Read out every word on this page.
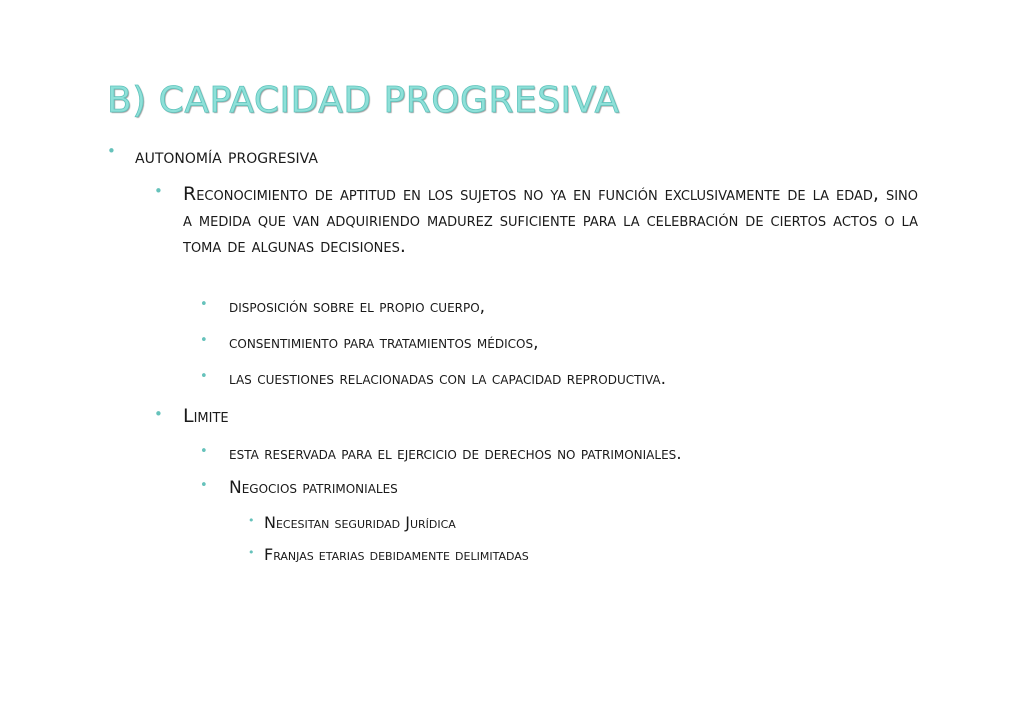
B) CAPACIDAD PROGRESIVA
• autonomía progresiva
• Reconocimiento de aptitud en los sujetos no ya en función exclusivamente de la edad, sino a medida que van adquiriendo madurez suficiente para la celebración de ciertos actos o la toma de algunas decisiones.
•	disposición sobre el propio cuerpo,
•	consentimiento para tratamientos médicos,
•	las cuestiones relacionadas con la capacidad reproductiva.
•	Limite
•	esta reservada para el ejercicio de derechos no patrimoniales.
•	Negocios patrimoniales
• Necesitan seguridad Jurídica
• Franjas etarias debidamente delimitadas
